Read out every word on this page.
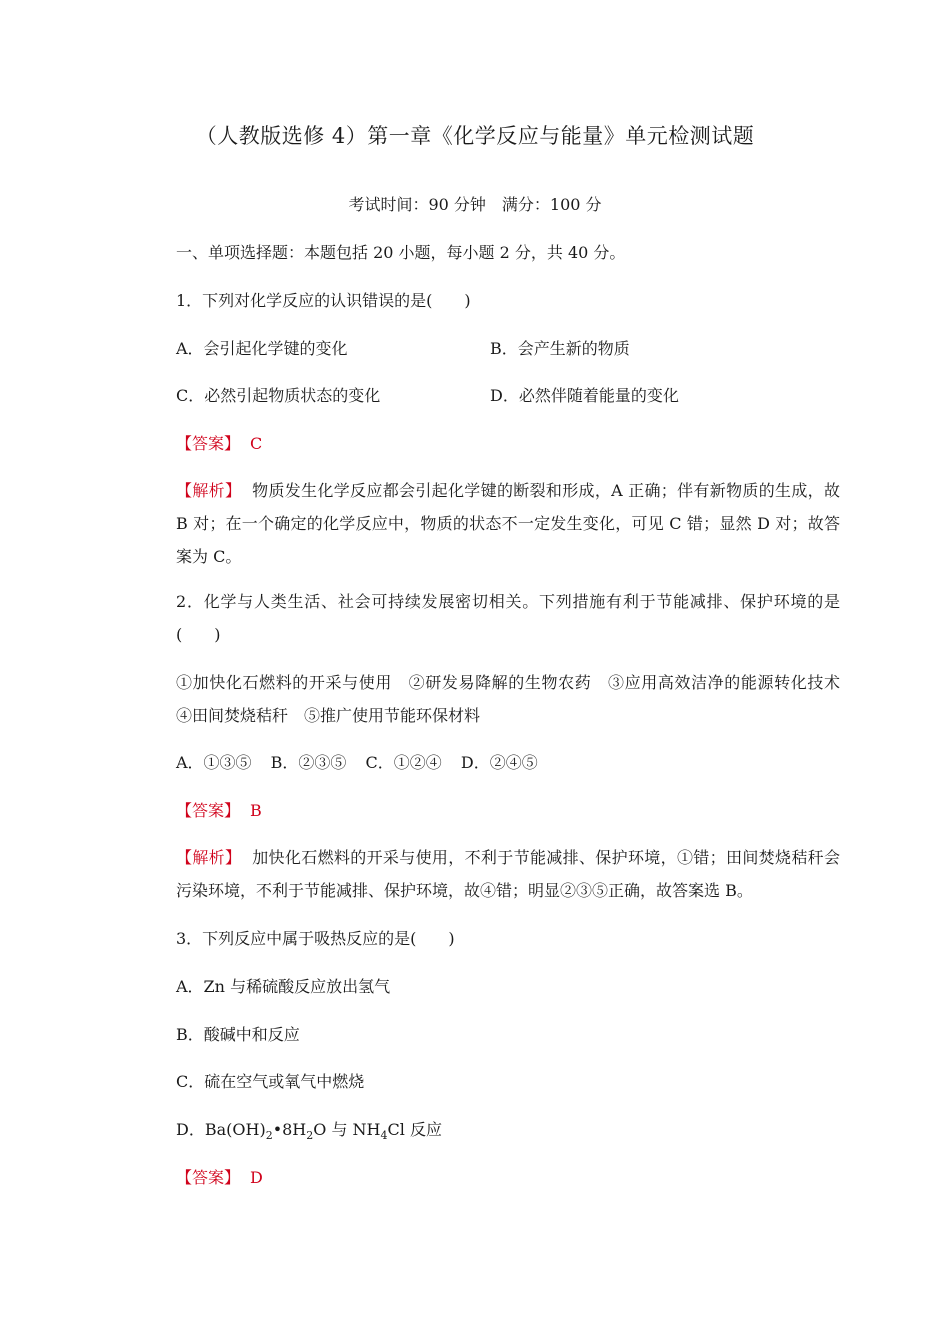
（人教版选修 4）第一章《化学反应与能量》单元检测试题
考试时间：90 分钟　满分：100 分
一、单项选择题：本题包括 20 小题，每小题 2 分，共 40 分。
1．下列对化学反应的认识错误的是(　　)
A．会引起化学键的变化	B．会产生新的物质
C．必然引起物质状态的变化	D．必然伴随着能量的变化
【答案】 C
【解析】 物质发生化学反应都会引起化学键的断裂和形成，A 正确；伴有新物质的生成，故 B 对；在一个确定的化学反应中，物质的状态不一定发生变化，可见 C 错；显然 D 对；故答案为 C。
2．化学与人类生活、社会可持续发展密切相关。下列措施有利于节能减排、保护环境的是(　　)
①加快化石燃料的开采与使用　②研发易降解的生物农药　③应用高效洁净的能源转化技术　④田间焚烧秸秆　⑤推广使用节能环保材料
A．①③⑤ B．②③⑤ C．①②④ D．②④⑤
【答案】 B
【解析】 加快化石燃料的开采与使用，不利于节能减排、保护环境，①错；田间焚烧秸秆会污染环境，不利于节能减排、保护环境，故④错；明显②③⑤正确，故答案选 B。
3．下列反应中属于吸热反应的是(　　)
A．Zn 与稀硫酸反应放出氢气
B．酸碱中和反应
C．硫在空气或氧气中燃烧
D．$Ba(OH)_2•8H_2O$ 与 $NH_4Cl$ 反应
【答案】 D
